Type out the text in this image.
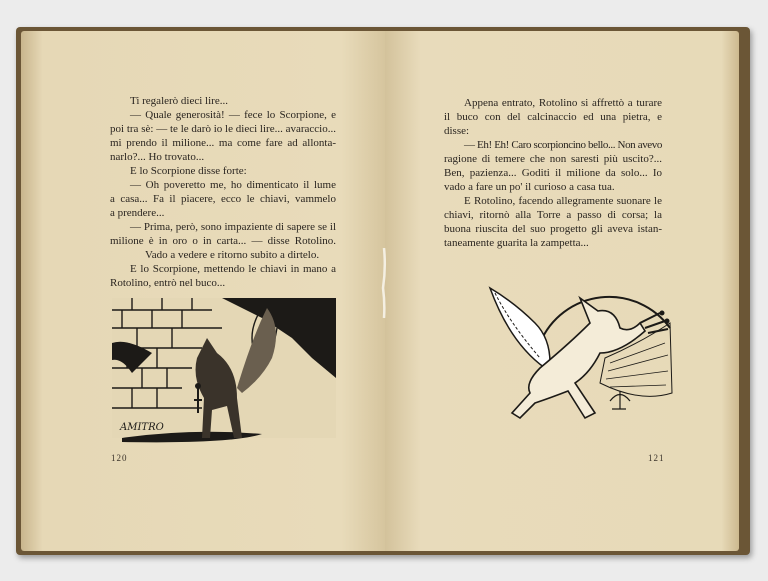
Ti regalerò dieci lire...
— Quale generosità! — fece lo Scorpione, e
poi tra sè: — te le darò io le dieci lire... avaraccio...
mi prendo il milione... ma come fare ad allonta-
narlo?... Ho trovato...
E lo Scorpione disse forte:
— Oh poveretto me, ho dimenticato il lume
a casa... Fa il piacere, ecco le chiavi, vammelo
a prendere...
— Prima, però, sono impaziente di sapere se il
milione è in oro o in carta... — disse Rotolino.
Vado a vedere e ritorno subito a dirtelo.
E lo Scorpione, mettendo le chiavi in mano a
Rotolino, entrò nel buco...
AMITRO
120
Appena entrato, Rotolino si affrettò a turare
il buco con del calcinaccio ed una pietra, e
disse:
— Eh! Eh! Caro scorpioncino bello... Non avevo
ragione di temere che non saresti più uscito?...
Ben, pazienza... Goditi il milione da solo... Io
vado a fare un po' il curioso a casa tua.
E Rotolino, facendo allegramente suonare le
chiavi, ritornò alla Torre a passo di corsa; la
buona riuscita del suo progetto gli aveva istan-
taneamente guarita la zampetta...
121
